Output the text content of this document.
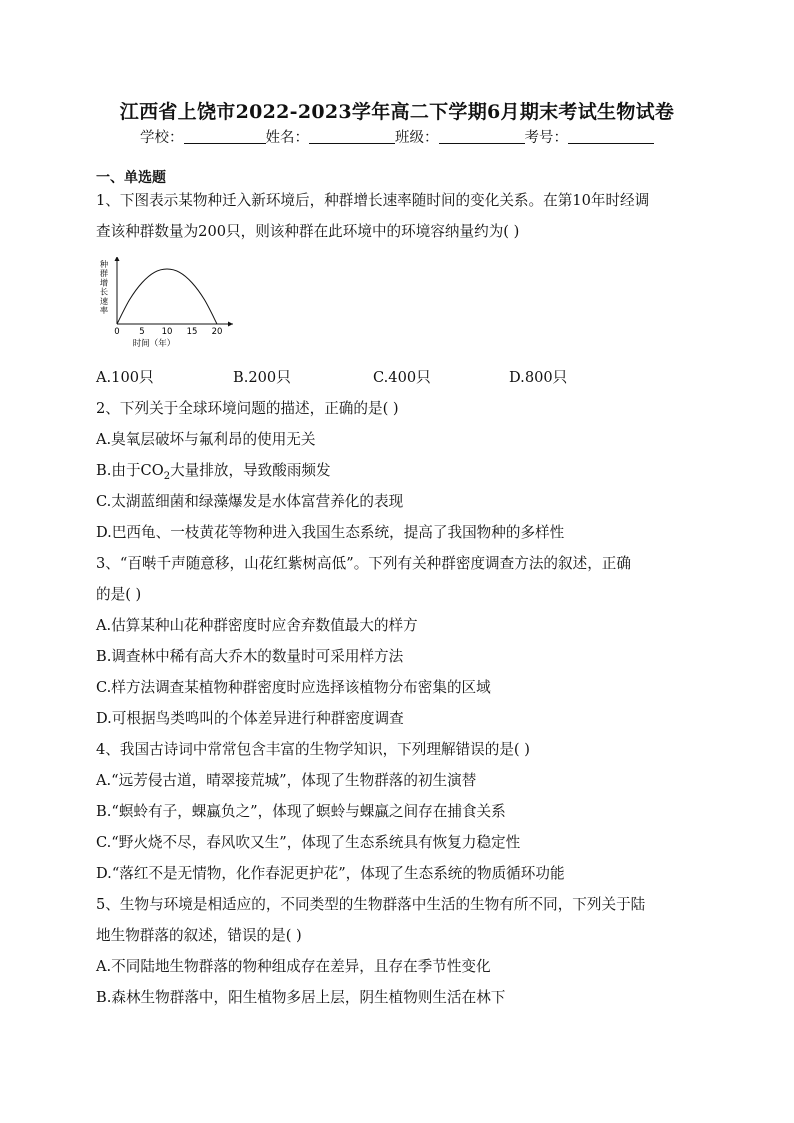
江西省上饶市2022-2023学年高二下学期6月期末考试生物试卷
学校：	姓名：	班级：	考号：
一、单选题
1、下图表示某物种迁入新环境后，种群增长速率随时间的变化关系。在第10年时经调
查该种群数量为200只，则该种群在此环境中的环境容纳量约为( )
种
群
增
长
速
率
0 5 10 15 20
时间（年）
A.100只	B.200只	C.400只	D.800只
2、下列关于全球环境问题的描述，正确的是( )
A.臭氧层破坏与氟利昂的使用无关
B.由于$CO_2$大量排放，导致酸雨频发
C.太湖蓝细菌和绿藻爆发是水体富营养化的表现
D.巴西龟、一枝黄花等物种进入我国生态系统，提高了我国物种的多样性
3、“百啭千声随意移，山花红紫树高低”。下列有关种群密度调查方法的叙述，正确
的是( )
A.估算某种山花种群密度时应舍弃数值最大的样方
B.调查林中稀有高大乔木的数量时可采用样方法
C.样方法调查某植物种群密度时应选择该植物分布密集的区域
D.可根据鸟类鸣叫的个体差异进行种群密度调查
4、我国古诗词中常常包含丰富的生物学知识，下列理解错误的是( )
A.“远芳侵古道，晴翠接荒城”，体现了生物群落的初生演替
B.“螟蛉有子，蜾蠃负之”，体现了螟蛉与蜾蠃之间存在捕食关系
C.“野火烧不尽，春风吹又生”，体现了生态系统具有恢复力稳定性
D.“落红不是无情物，化作春泥更护花”，体现了生态系统的物质循环功能
5、生物与环境是相适应的，不同类型的生物群落中生活的生物有所不同，下列关于陆
地生物群落的叙述，错误的是( )
A.不同陆地生物群落的物种组成存在差异，且存在季节性变化
B.森林生物群落中，阳生植物多居上层，阴生植物则生活在林下
